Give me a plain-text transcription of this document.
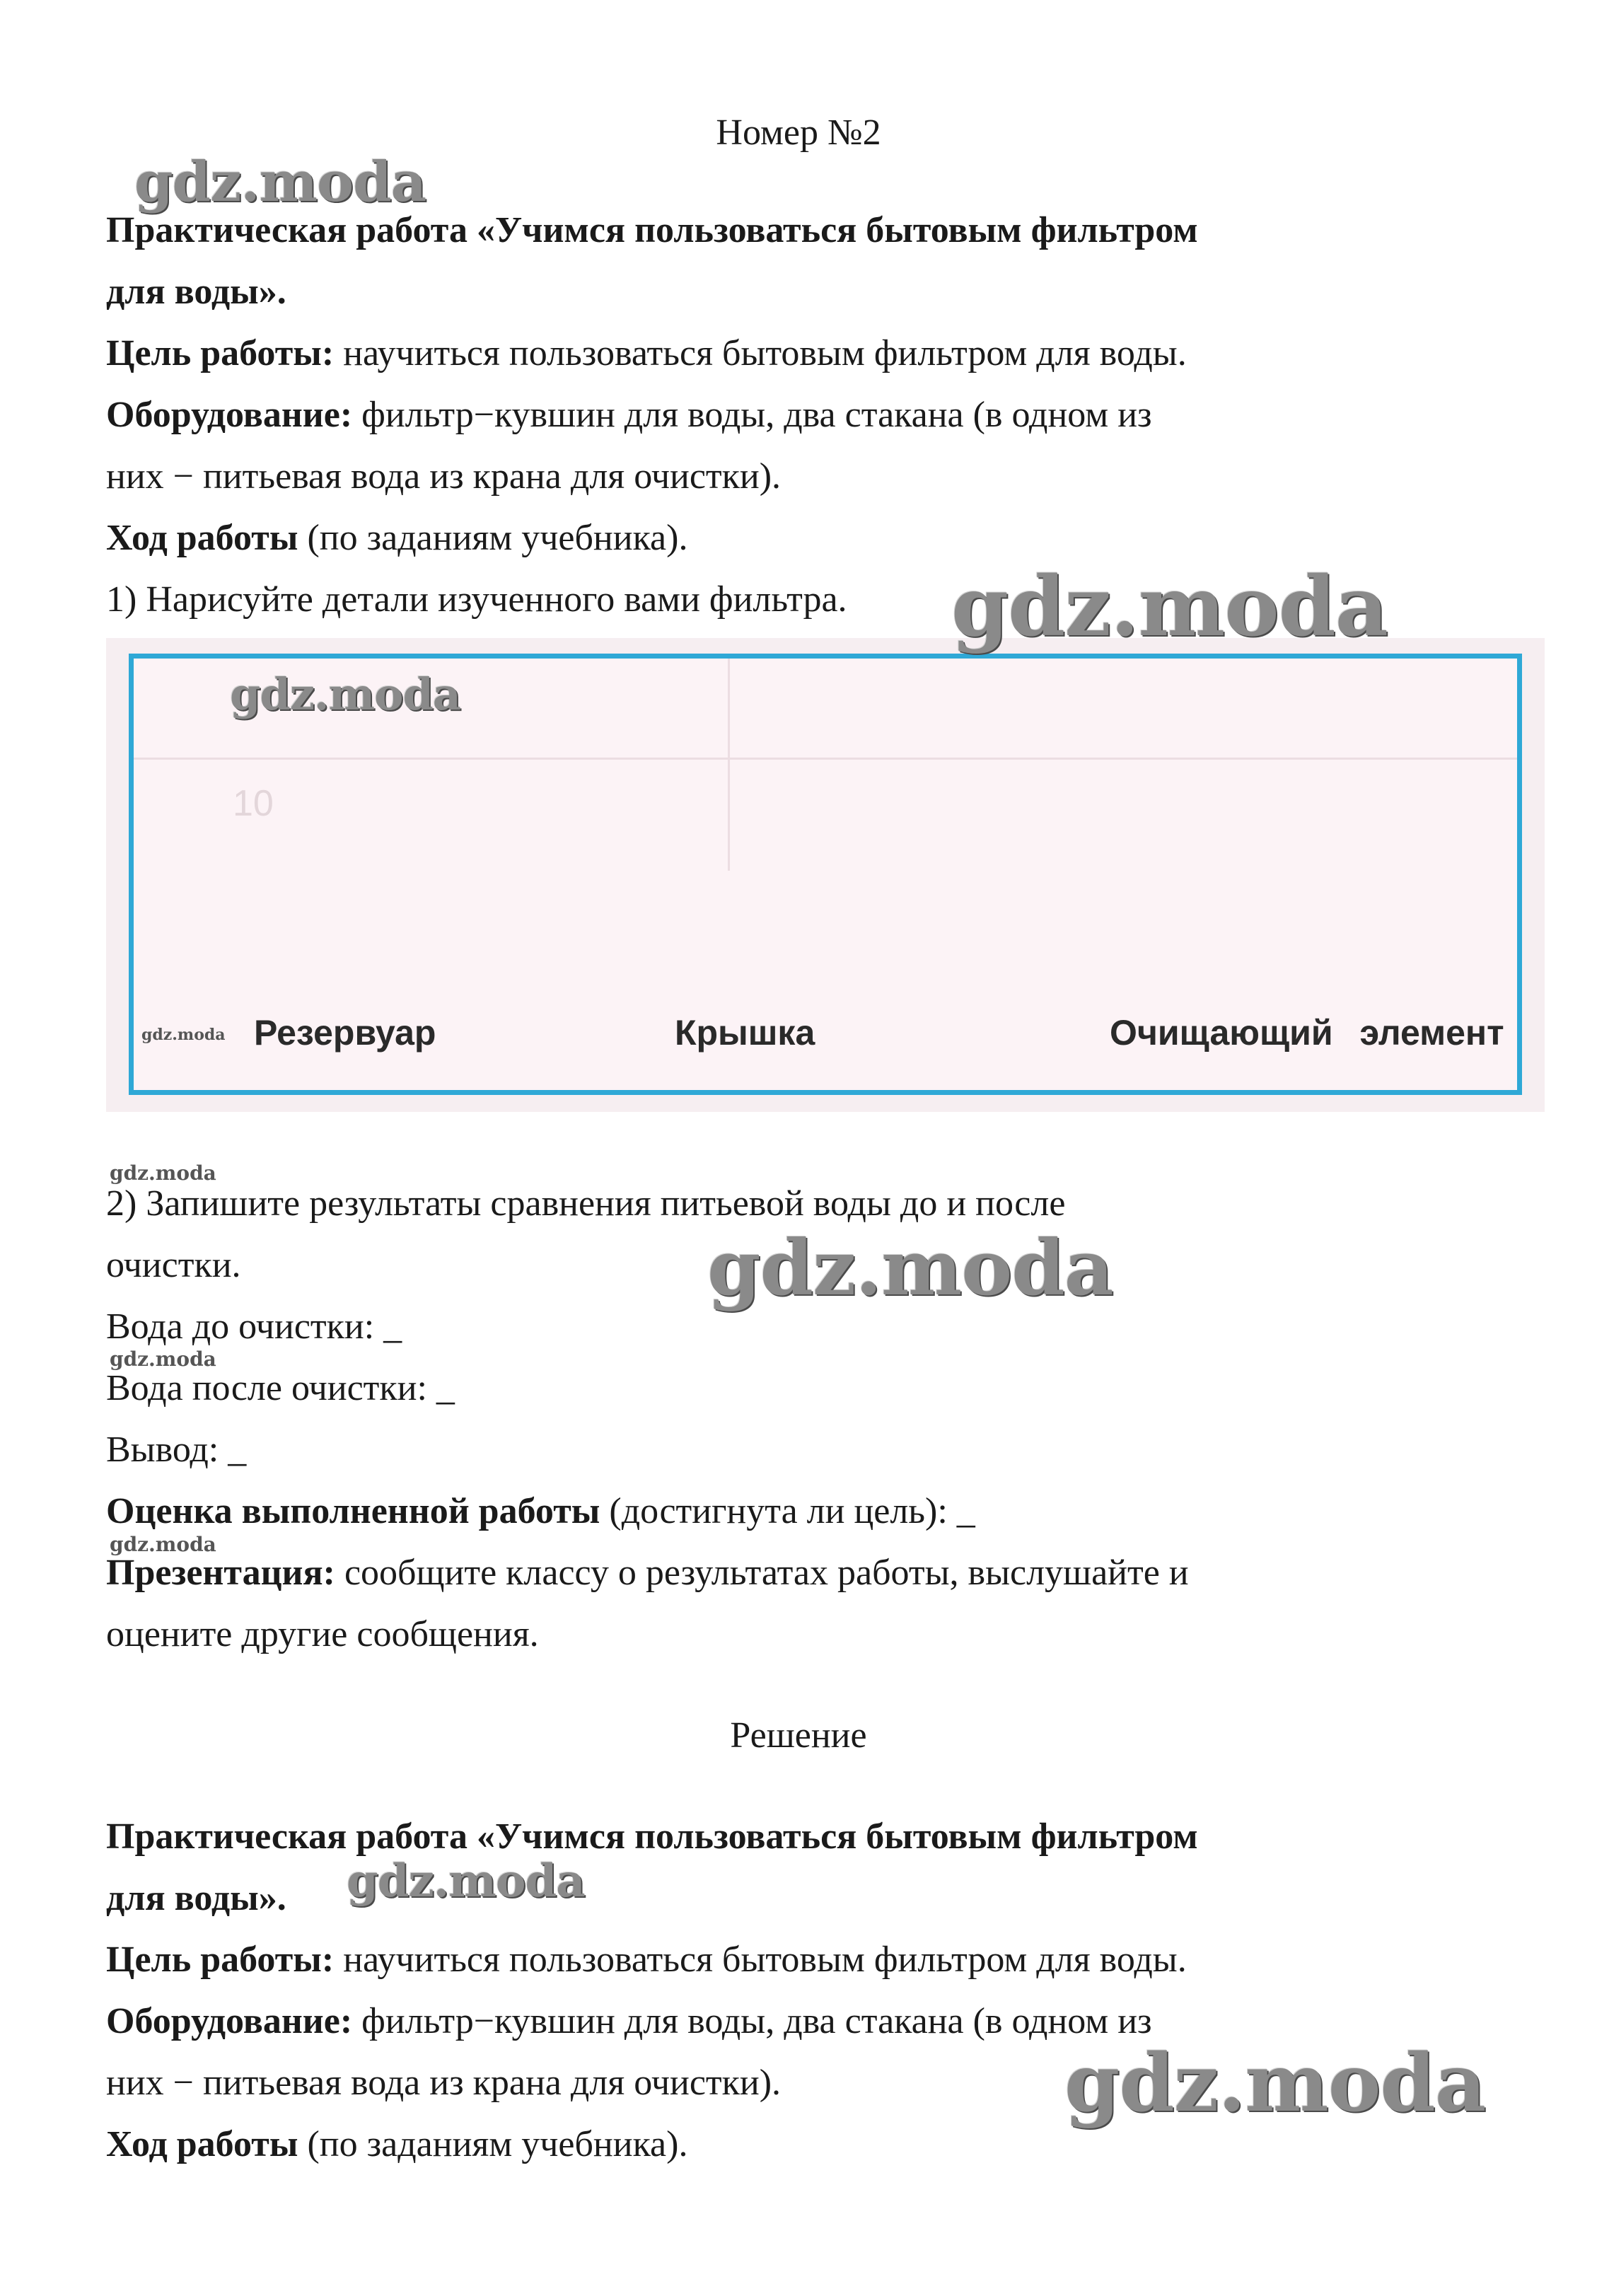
Номер №2
Практическая работа «Учимся пользоваться бытовым фильтром
для воды».
Цель работы: научиться пользоваться бытовым фильтром для воды.
Оборудование: фильтр−кувшин для воды, два стакана (в одном из
них − питьевая вода из крана для очистки).
Ход работы (по заданиям учебника).
1) Нарисуйте детали изученного вами фильтра.
10
Резервуар	Крышка	Очищающий элемент
2) Запишите результаты сравнения питьевой воды до и после
очистки.
Вода до очистки: _
Вода после очистки: _
Вывод: _
Оценка выполненной работы (достигнута ли цель): _
Презентация: сообщите классу о результатах работы, выслушайте и
оцените другие сообщения.
Решение
Практическая работа «Учимся пользоваться бытовым фильтром
для воды».
Цель работы: научиться пользоваться бытовым фильтром для воды.
Оборудование: фильтр−кувшин для воды, два стакана (в одном из
них − питьевая вода из крана для очистки).
Ход работы (по заданиям учебника).
gdz.moda
gdz.moda
gdz.moda
gdz.moda
gdz.moda
gdz.moda
gdz.moda
gdz.moda
gdz.moda
gdz.moda
